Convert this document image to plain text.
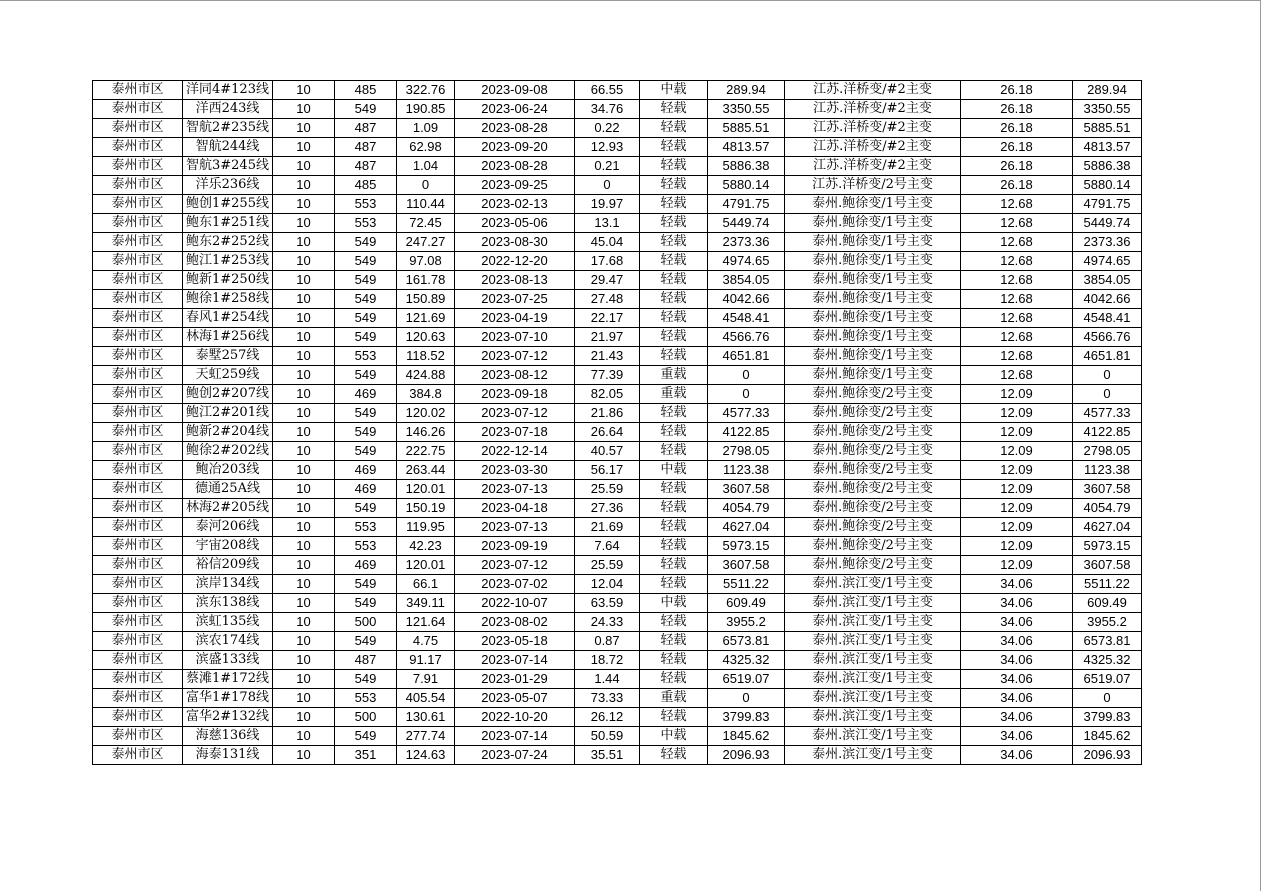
泰州市区	洋同4#123线	10	485	322.76	2023-09-08	66.55	中载	289.94	江苏.洋桥变/#2主变	26.18	289.94
泰州市区	洋西243线	10	549	190.85	2023-06-24	34.76	轻载	3350.55	江苏.洋桥变/#2主变	26.18	3350.55
泰州市区	智航2#235线	10	487	1.09	2023-08-28	0.22	轻载	5885.51	江苏.洋桥变/#2主变	26.18	5885.51
泰州市区	智航244线	10	487	62.98	2023-09-20	12.93	轻载	4813.57	江苏.洋桥变/#2主变	26.18	4813.57
泰州市区	智航3#245线	10	487	1.04	2023-08-28	0.21	轻载	5886.38	江苏.洋桥变/#2主变	26.18	5886.38
泰州市区	洋乐236线	10	485	0	2023-09-25	0	轻载	5880.14	江苏.洋桥变/2号主变	26.18	5880.14
泰州市区	鲍创1#255线	10	553	110.44	2023-02-13	19.97	轻载	4791.75	泰州.鲍徐变/1号主变	12.68	4791.75
泰州市区	鲍东1#251线	10	553	72.45	2023-05-06	13.1	轻载	5449.74	泰州.鲍徐变/1号主变	12.68	5449.74
泰州市区	鲍东2#252线	10	549	247.27	2023-08-30	45.04	轻载	2373.36	泰州.鲍徐变/1号主变	12.68	2373.36
泰州市区	鲍江1#253线	10	549	97.08	2022-12-20	17.68	轻载	4974.65	泰州.鲍徐变/1号主变	12.68	4974.65
泰州市区	鲍新1#250线	10	549	161.78	2023-08-13	29.47	轻载	3854.05	泰州.鲍徐变/1号主变	12.68	3854.05
泰州市区	鲍徐1#258线	10	549	150.89	2023-07-25	27.48	轻载	4042.66	泰州.鲍徐变/1号主变	12.68	4042.66
泰州市区	春风1#254线	10	549	121.69	2023-04-19	22.17	轻载	4548.41	泰州.鲍徐变/1号主变	12.68	4548.41
泰州市区	林海1#256线	10	549	120.63	2023-07-10	21.97	轻载	4566.76	泰州.鲍徐变/1号主变	12.68	4566.76
泰州市区	泰墅257线	10	553	118.52	2023-07-12	21.43	轻载	4651.81	泰州.鲍徐变/1号主变	12.68	4651.81
泰州市区	天虹259线	10	549	424.88	2023-08-12	77.39	重载	0	泰州.鲍徐变/1号主变	12.68	0
泰州市区	鲍创2#207线	10	469	384.8	2023-09-18	82.05	重载	0	泰州.鲍徐变/2号主变	12.09	0
泰州市区	鲍江2#201线	10	549	120.02	2023-07-12	21.86	轻载	4577.33	泰州.鲍徐变/2号主变	12.09	4577.33
泰州市区	鲍新2#204线	10	549	146.26	2023-07-18	26.64	轻载	4122.85	泰州.鲍徐变/2号主变	12.09	4122.85
泰州市区	鲍徐2#202线	10	549	222.75	2022-12-14	40.57	轻载	2798.05	泰州.鲍徐变/2号主变	12.09	2798.05
泰州市区	鲍冶203线	10	469	263.44	2023-03-30	56.17	中载	1123.38	泰州.鲍徐变/2号主变	12.09	1123.38
泰州市区	德通25A线	10	469	120.01	2023-07-13	25.59	轻载	3607.58	泰州.鲍徐变/2号主变	12.09	3607.58
泰州市区	林海2#205线	10	549	150.19	2023-04-18	27.36	轻载	4054.79	泰州.鲍徐变/2号主变	12.09	4054.79
泰州市区	泰河206线	10	553	119.95	2023-07-13	21.69	轻载	4627.04	泰州.鲍徐变/2号主变	12.09	4627.04
泰州市区	宇宙208线	10	553	42.23	2023-09-19	7.64	轻载	5973.15	泰州.鲍徐变/2号主变	12.09	5973.15
泰州市区	裕信209线	10	469	120.01	2023-07-12	25.59	轻载	3607.58	泰州.鲍徐变/2号主变	12.09	3607.58
泰州市区	滨岸134线	10	549	66.1	2023-07-02	12.04	轻载	5511.22	泰州.滨江变/1号主变	34.06	5511.22
泰州市区	滨东138线	10	549	349.11	2022-10-07	63.59	中载	609.49	泰州.滨江变/1号主变	34.06	609.49
泰州市区	滨虹135线	10	500	121.64	2023-08-02	24.33	轻载	3955.2	泰州.滨江变/1号主变	34.06	3955.2
泰州市区	滨农174线	10	549	4.75	2023-05-18	0.87	轻载	6573.81	泰州.滨江变/1号主变	34.06	6573.81
泰州市区	滨盛133线	10	487	91.17	2023-07-14	18.72	轻载	4325.32	泰州.滨江变/1号主变	34.06	4325.32
泰州市区	蔡滩1#172线	10	549	7.91	2023-01-29	1.44	轻载	6519.07	泰州.滨江变/1号主变	34.06	6519.07
泰州市区	富华1#178线	10	553	405.54	2023-05-07	73.33	重载	0	泰州.滨江变/1号主变	34.06	0
泰州市区	富华2#132线	10	500	130.61	2022-10-20	26.12	轻载	3799.83	泰州.滨江变/1号主变	34.06	3799.83
泰州市区	海慈136线	10	549	277.74	2023-07-14	50.59	中载	1845.62	泰州.滨江变/1号主变	34.06	1845.62
泰州市区	海泰131线	10	351	124.63	2023-07-24	35.51	轻载	2096.93	泰州.滨江变/1号主变	34.06	2096.93
